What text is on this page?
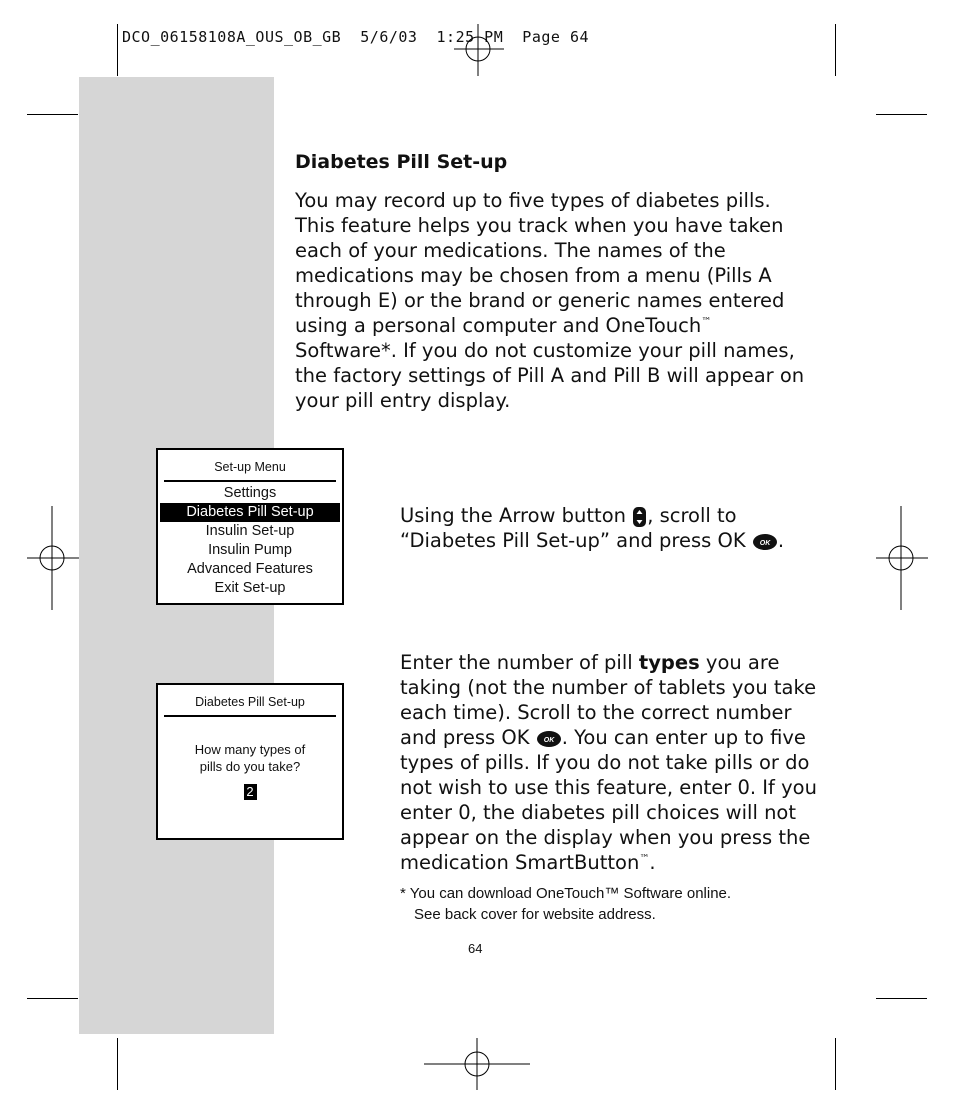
DCO_06158108A_OUS_OB_GB  5/6/03  1:25 PM  Page 64
Diabetes Pill Set-up
You may record up to five types of diabetes pills.
This feature helps you track when you have taken
each of your medications. The names of the
medications may be chosen from a menu (Pills A
through E) or the brand or generic names entered
using a personal computer and OneTouch™
Software*. If you do not customize your pill names,
the factory settings of Pill A and Pill B will appear on
your pill entry display.
Set-up Menu
Settings
Diabetes Pill Set-up
Insulin Set-up
Insulin Pump
Advanced Features
Exit Set-up
Using the Arrow button , scroll to
“Diabetes Pill Set-up” and press OK OK .
Diabetes Pill Set-up
How many types of
pills do you take?
2
Enter the number of pill types you are
taking (not the number of tablets you take
each time). Scroll to the correct number
and press OK OK . You can enter up to five
types of pills. If you do not take pills or do
not wish to use this feature, enter 0. If you
enter 0, the diabetes pill choices will not
appear on the display when you press the
medication SmartButton™.
* You can download OneTouch™ Software online.
See back cover for website address.
64
